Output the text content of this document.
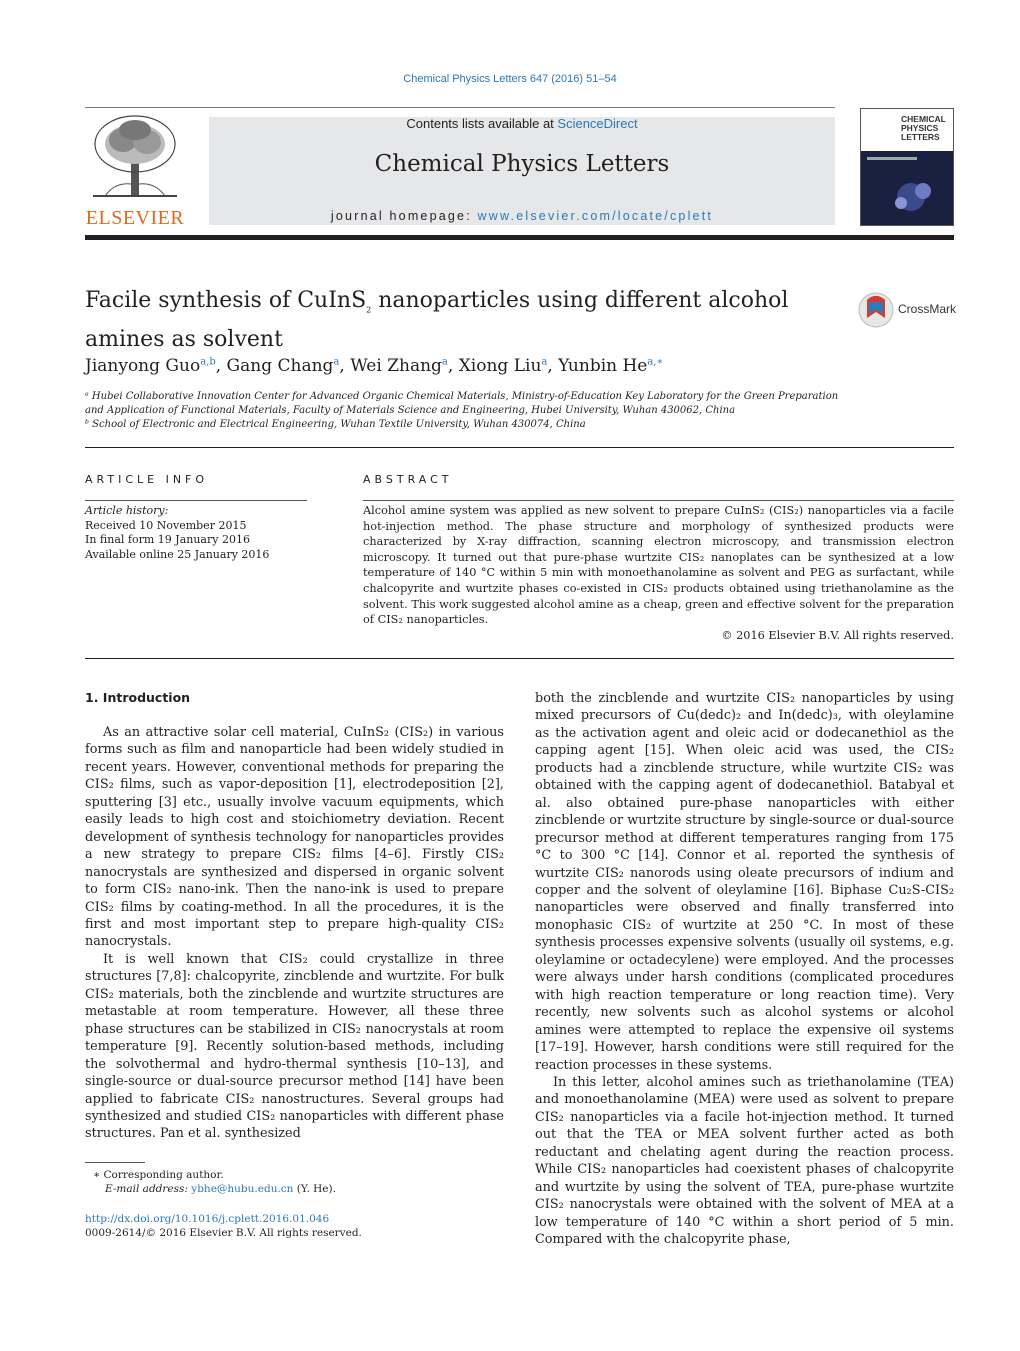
Chemical Physics Letters 647 (2016) 51–54
ELSEVIER
Contents lists available at ScienceDirect
Chemical Physics Letters
journal homepage: www.elsevier.com/locate/cplett
CHEMICAL PHYSICS LETTERS
Facile synthesis of CuInS$_2$ nanoparticles using different alcohol amines as solvent
CrossMark
Jianyong Guo$^{a,b}$, Gang Chang$^a$, Wei Zhang$^a$, Xiong Liu$^a$, Yunbin $He^{a,∗}$
ᵃ Hubei Collaborative Innovation Center for Advanced Organic Chemical Materials, Ministry-of-Education Key Laboratory for the Green Preparation and Application of Functional Materials, Faculty of Materials Science and Engineering, Hubei University, Wuhan 430062, China
ᵇ School of Electronic and Electrical Engineering, Wuhan Textile University, Wuhan 430074, China
ARTICLE INFO
Article history:
Received 10 November 2015
In final form 19 January 2016
Available online 25 January 2016
ABSTRACT
Alcohol amine system was applied as new solvent to prepare CuInS₂ (CIS₂) nanoparticles via a facile hot-injection method. The phase structure and morphology of synthesized products were characterized by X-ray diffraction, scanning electron microscopy, and transmission electron microscopy. It turned out that pure-phase wurtzite CIS₂ nanoplates can be synthesized at a low temperature of 140 °C within 5 min with monoethanolamine as solvent and PEG as surfactant, while chalcopyrite and wurtzite phases co-existed in CIS₂ products obtained using triethanolamine as the solvent. This work suggested alcohol amine as a cheap, green and effective solvent for the preparation of CIS₂ nanoparticles.
© 2016 Elsevier B.V. All rights reserved.
1. Introduction

As an attractive solar cell material, CuInS₂ (CIS₂) in various forms such as film and nanoparticle had been widely studied in recent years. However, conventional methods for preparing the CIS₂ films, such as vapor-deposition [1], electrodeposition [2], sputtering [3] etc., usually involve vacuum equipments, which easily leads to high cost and stoichiometry deviation. Recent development of synthesis technology for nanoparticles provides a new strategy to prepare CIS₂ films [4–6]. Firstly CIS₂ nanocrystals are synthesized and dispersed in organic solvent to form CIS₂ nano-ink. Then the nano-ink is used to prepare CIS₂ films by coating-method. In all the procedures, it is the first and most important step to prepare high-quality CIS₂ nanocrystals.

It is well known that CIS₂ could crystallize in three structures [7,8]: chalcopyrite, zincblende and wurtzite. For bulk CIS₂ materials, both the zincblende and wurtzite structures are metastable at room temperature. However, all these three phase structures can be stabilized in CIS₂ nanocrystals at room temperature [9]. Recently solution-based methods, including the solvothermal and hydro-thermal synthesis [10–13], and single-source or dual-source precursor method [14] have been applied to fabricate CIS₂ nanostructures. Several groups had synthesized and studied CIS₂ nanoparticles with different phase structures. Pan et al. synthesized

both the zincblende and wurtzite CIS₂ nanoparticles by using mixed precursors of Cu(dedc)₂ and In(dedc)₃, with oleylamine as the activation agent and oleic acid or dodecanethiol as the capping agent [15]. When oleic acid was used, the CIS₂ products had a zincblende structure, while wurtzite CIS₂ was obtained with the capping agent of dodecanethiol. Batabyal et al. also obtained pure-phase nanoparticles with either zincblende or wurtzite structure by single-source or dual-source precursor method at different temperatures ranging from 175 °C to 300 °C [14]. Connor et al. reported the synthesis of wurtzite CIS₂ nanorods using oleate precursors of indium and copper and the solvent of oleylamine [16]. Biphase Cu₂S-CIS₂ nanoparticles were observed and finally transferred into monophasic CIS₂ of wurtzite at 250 °C. In most of these synthesis processes expensive solvents (usually oil systems, e.g. oleylamine or octadecylene) were employed. And the processes were always under harsh conditions (complicated procedures with high reaction temperature or long reaction time). Very recently, new solvents such as alcohol systems or alcohol amines were attempted to replace the expensive oil systems [17–19]. However, harsh conditions were still required for the reaction processes in these systems.

In this letter, alcohol amines such as triethanolamine (TEA) and monoethanolamine (MEA) were used as solvent to prepare CIS₂ nanoparticles via a facile hot-injection method. It turned out that the TEA or MEA solvent further acted as both reductant and chelating agent during the reaction process. While CIS₂ nanoparticles had coexistent phases of chalcopyrite and wurtzite by using the solvent of TEA, pure-phase wurtzite CIS₂ nanocrystals were obtained with the solvent of MEA at a low temperature of 140 °C within a short period of 5 min. Compared with the chalcopyrite phase,

∗ Corresponding author.
E-mail address: ybhe@hubu.edu.cn (Y. He).
http://dx.doi.org/10.1016/j.cplett.2016.01.046
0009-2614/© 2016 Elsevier B.V. All rights reserved.
